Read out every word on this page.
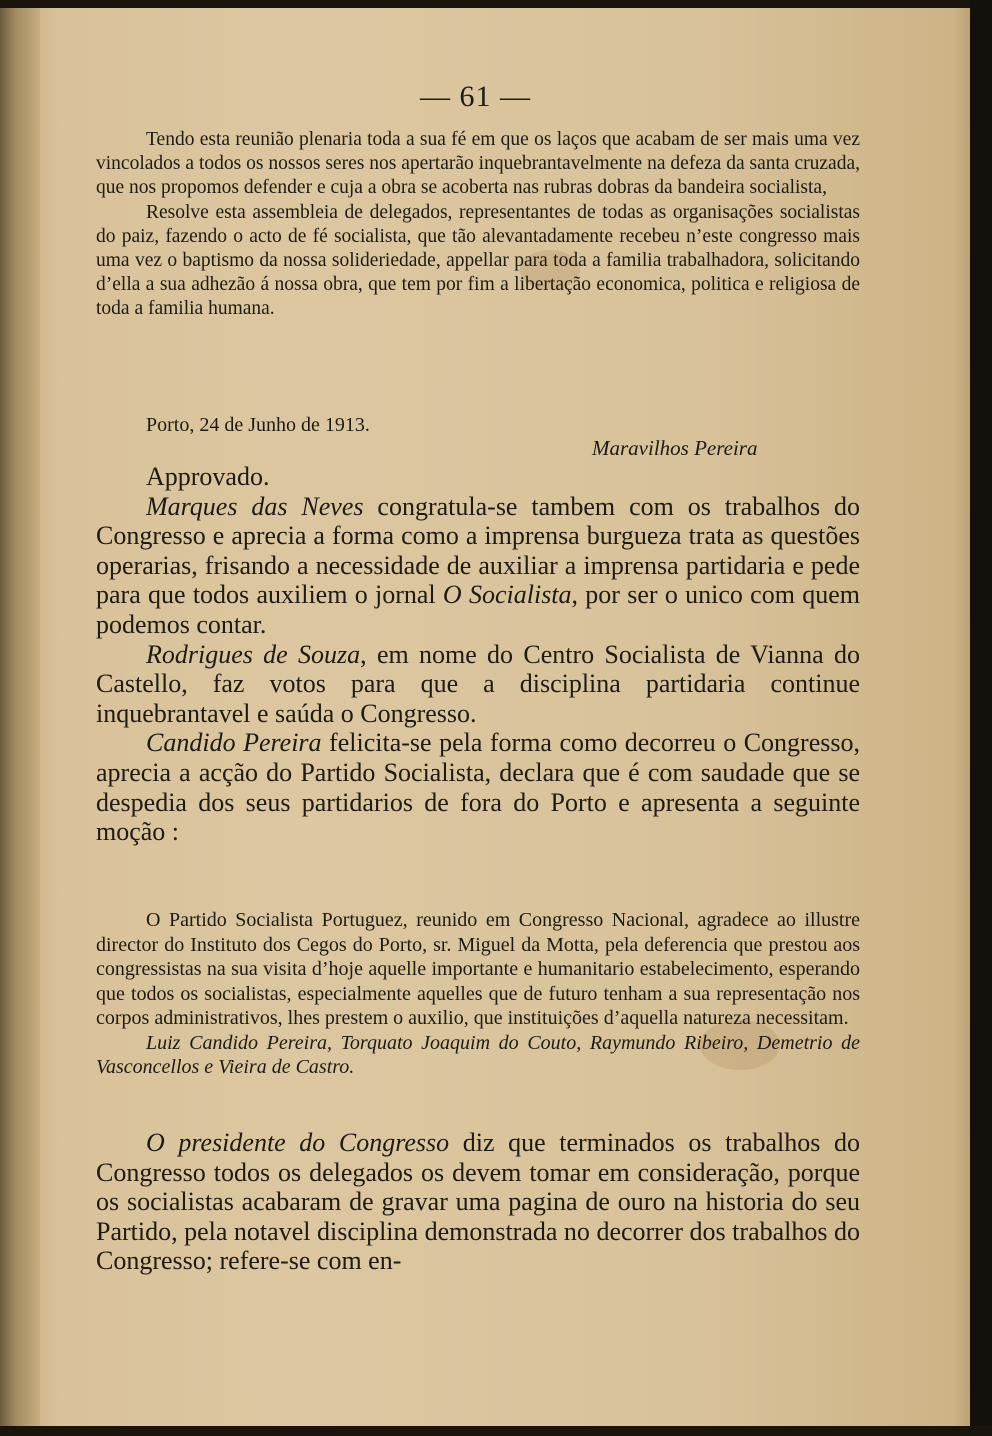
— 61 —
Tendo esta reunião plenaria toda a sua fé em que os laços que acabam de ser mais uma vez vincolados a todos os nossos seres nos apertarão inquebrantavelmente na defeza da santa cruzada, que nos propomos defender e cuja a obra se acoberta nas rubras dobras da bandeira socialista,
Resolve esta assembleia de delegados, representantes de todas as organisações socialistas do paiz, fazendo o acto de fé socialista, que tão alevantadamente recebeu n’este congresso mais uma vez o baptismo da nossa solideriedade, appellar para toda a familia trabalhadora, solicitando d’ella a sua adhezão á nossa obra, que tem por fim a libertação economica, politica e religiosa de toda a familia humana.
Porto, 24 de Junho de 1913.
Maravilhos Pereira
Approvado.
Marques das Neves congratula-se tambem com os trabalhos do Congresso e aprecia a forma como a imprensa burgueza trata as questões operarias, frisando a necessidade de auxiliar a imprensa partidaria e pede para que todos auxiliem o jornal O Socialista, por ser o unico com quem podemos contar.
Rodrigues de Souza, em nome do Centro Socialista de Vianna do Castello, faz votos para que a disciplina partidaria continue inquebrantavel e saúda o Congresso.
Candido Pereira felicita-se pela forma como decorreu o Congresso, aprecia a acção do Partido Socialista, declara que é com saudade que se despedia dos seus partidarios de fora do Porto e apresenta a seguinte moção :
O Partido Socialista Portuguez, reunido em Congresso Nacional, agradece ao illustre director do Instituto dos Cegos do Porto, sr. Miguel da Motta, pela deferencia que prestou aos congressistas na sua visita d’hoje aquelle importante e humanitario estabelecimento, esperando que todos os socialistas, especialmente aquelles que de futuro tenham a sua representação nos corpos administrativos, lhes prestem o auxilio, que instituições d’aquella natureza necessitam.
Luiz Candido Pereira, Torquato Joaquim do Couto, Raymundo Ribeiro, Demetrio de Vasconcellos e Vieira de Castro.
O presidente do Congresso diz que terminados os trabalhos do Congresso todos os delegados os devem tomar em consideração, porque os socialistas acabaram de gravar uma pagina de ouro na historia do seu Partido, pela notavel disciplina demonstrada no decorrer dos trabalhos do Congresso; refere-se com en-
